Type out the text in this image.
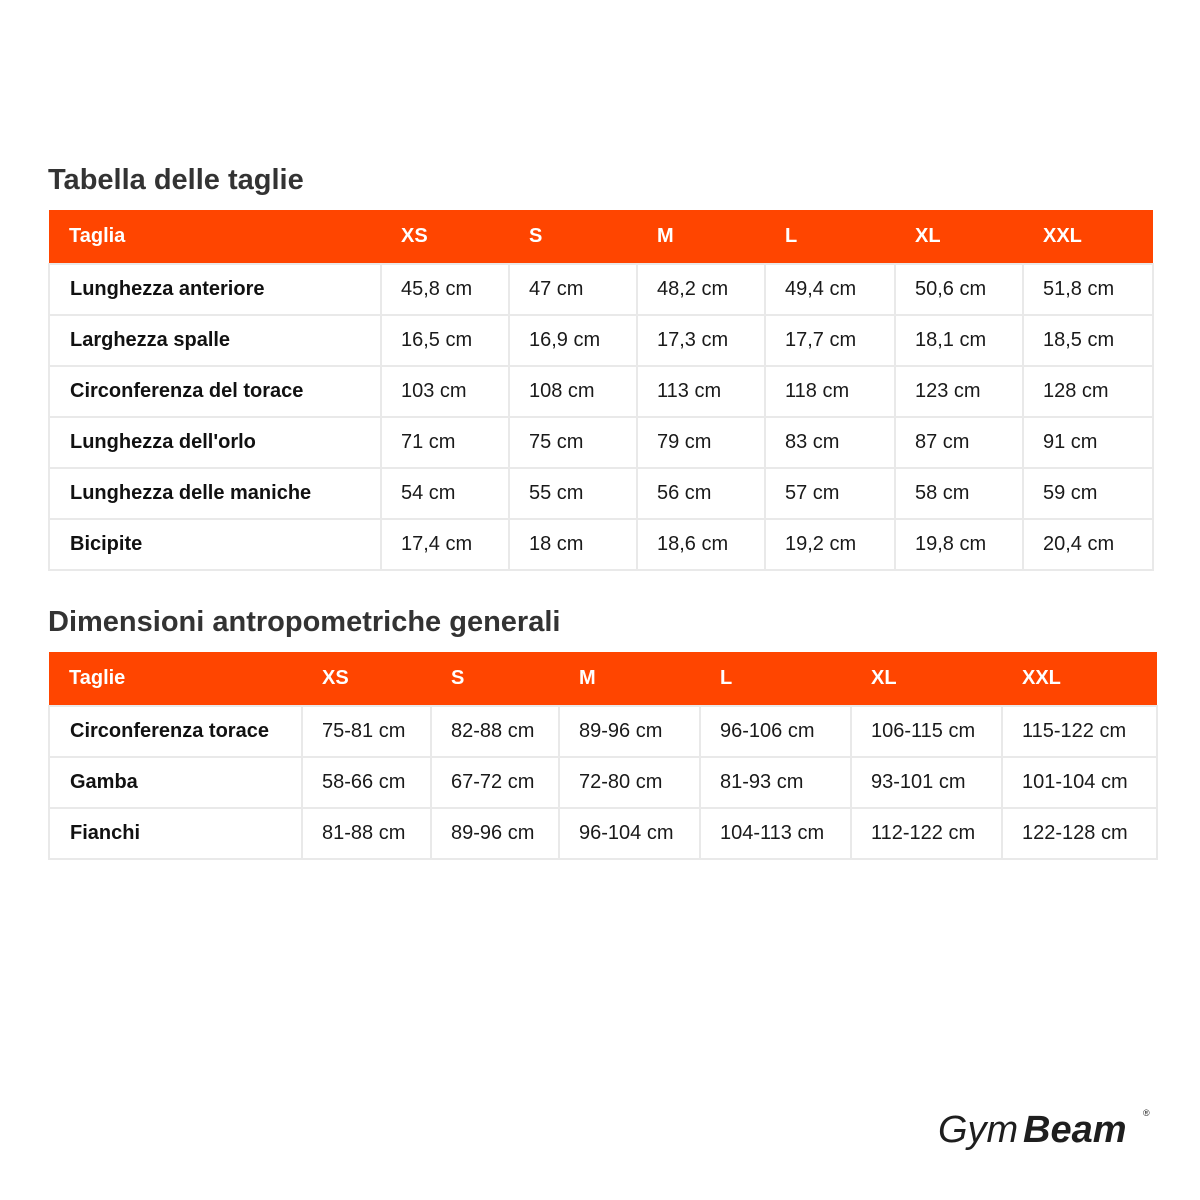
Tabella delle taglie
Taglia	XS	S	M	L	XL	XXL
Lunghezza anteriore	45,8 cm	47 cm	48,2 cm	49,4 cm	50,6 cm	51,8 cm
Larghezza spalle	16,5 cm	16,9 cm	17,3 cm	17,7 cm	18,1 cm	18,5 cm
Circonferenza del torace	103 cm	108 cm	113 cm	118 cm	123 cm	128 cm
Lunghezza dell'orlo	71 cm	75 cm	79 cm	83 cm	87 cm	91 cm
Lunghezza delle maniche	54 cm	55 cm	56 cm	57 cm	58 cm	59 cm
Bicipite	17,4 cm	18 cm	18,6 cm	19,2 cm	19,8 cm	20,4 cm
Dimensioni antropometriche generali
Taglie	XS	S	M	L	XL	XXL
Circonferenza torace	75-81 cm	82-88 cm	89-96 cm	96-106 cm	106-115 cm	115-122 cm
Gamba	58-66 cm	67-72 cm	72-80 cm	81-93 cm	93-101 cm	101-104 cm
Fianchi	81-88 cm	89-96 cm	96-104 cm	104-113 cm	112-122 cm	122-128 cm
Gym Beam ®
